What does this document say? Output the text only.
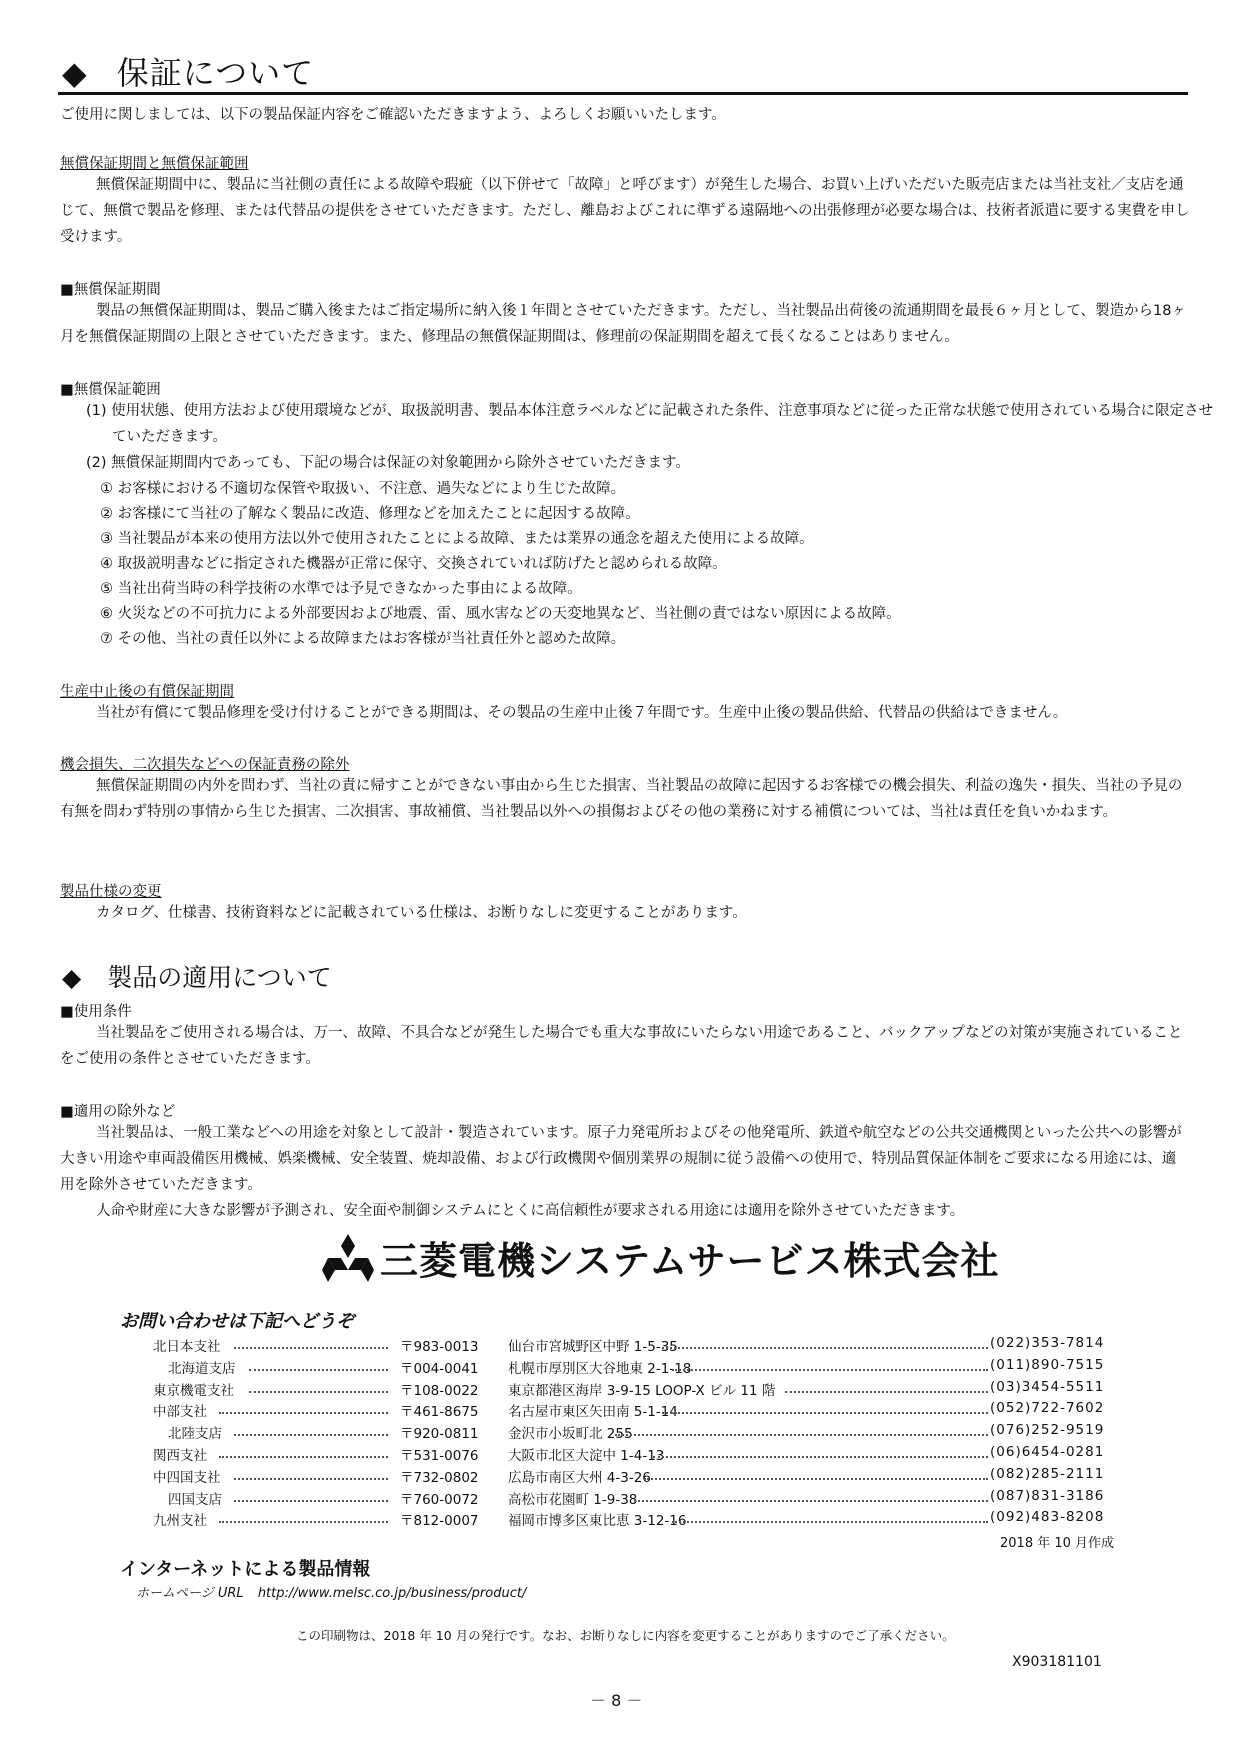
◆ 保証について
ご使用に関しましては、以下の製品保証内容をご確認いただきますよう、よろしくお願いいたします。
無償保証期間と無償保証範囲
無償保証期間中に、製品に当社側の責任による故障や瑕疵（以下併せて「故障」と呼びます）が発生した場合、お買い上げいただいた販売店または当社支社／支店を通じて、無償で製品を修理、または代替品の提供をさせていただきます。ただし、離島およびこれに準ずる遠隔地への出張修理が必要な場合は、技術者派遣に要する実費を申し受けます。
■無償保証期間
製品の無償保証期間は、製品ご購入後またはご指定場所に納入後１年間とさせていただきます。ただし、当社製品出荷後の流通期間を最長６ヶ月として、製造から18ヶ月を無償保証期間の上限とさせていただきます。また、修理品の無償保証期間は、修理前の保証期間を超えて長くなることはありません。
■無償保証範囲
(1) 使用状態、使用方法および使用環境などが、取扱説明書、製品本体注意ラベルなどに記載された条件、注意事項などに従った正常な状態で使用されている場合に限定させていただきます。
(2) 無償保証期間内であっても、下記の場合は保証の対象範囲から除外させていただきます。
① お客様における不適切な保管や取扱い、不注意、過失などにより生じた故障。
② お客様にて当社の了解なく製品に改造、修理などを加えたことに起因する故障。
③ 当社製品が本来の使用方法以外で使用されたことによる故障、または業界の通念を超えた使用による故障。
④ 取扱説明書などに指定された機器が正常に保守、交換されていれば防げたと認められる故障。
⑤ 当社出荷当時の科学技術の水準では予見できなかった事由による故障。
⑥ 火災などの不可抗力による外部要因および地震、雷、風水害などの天変地異など、当社側の責ではない原因による故障。
⑦ その他、当社の責任以外による故障またはお客様が当社責任外と認めた故障。
生産中止後の有償保証期間
当社が有償にて製品修理を受け付けることができる期間は、その製品の生産中止後７年間です。生産中止後の製品供給、代替品の供給はできません。
機会損失、二次損失などへの保証責務の除外
無償保証期間の内外を問わず、当社の責に帰すことができない事由から生じた損害、当社製品の故障に起因するお客様での機会損失、利益の逸失・損失、当社の予見の有無を問わず特別の事情から生じた損害、二次損害、事故補償、当社製品以外への損傷およびその他の業務に対する補償については、当社は責任を負いかねます。
製品仕様の変更
カタログ、仕様書、技術資料などに記載されている仕様は、お断りなしに変更することがあります。
◆ 製品の適用について
■使用条件
当社製品をご使用される場合は、万一、故障、不具合などが発生した場合でも重大な事故にいたらない用途であること、バックアップなどの対策が実施されていることをご使用の条件とさせていただきます。
■適用の除外など
当社製品は、一般工業などへの用途を対象として設計・製造されています。原子力発電所およびその他発電所、鉄道や航空などの公共交通機関といった公共への影響が大きい用途や車両設備医用機械、娯楽機械、安全装置、焼却設備、および行政機関や個別業界の規制に従う設備への使用で、特別品質保証体制をご要求になる用途には、適用を除外させていただきます。
人命や財産に大きな影響が予測され、安全面や制御システムにとくに高信頼性が要求される用途には適用を除外させていただきます。
三菱電機システムサービス株式会社
お問い合わせは下記へどうぞ
北日本支社	〒983-0013 仙台市宮城野区中野 1-5-35	(022)353-7814
北海道支店	〒004-0041 札幌市厚別区大谷地東 2-1-18	(011)890-7515
東京機電支社	〒108-0022 東京都港区海岸 3-9-15 LOOP-X ビル 11 階	(03)3454-5511
中部支社	〒461-8675 名古屋市東区矢田南 5-1-14	(052)722-7602
北陸支店	〒920-0811 金沢市小坂町北 255	(076)252-9519
関西支社	〒531-0076 大阪市北区大淀中 1-4-13	(06)6454-0281
中四国支社	〒732-0802 広島市南区大州 4-3-26	(082)285-2111
四国支店	〒760-0072 高松市花園町 1-9-38	(087)831-3186
九州支社	〒812-0007 福岡市博多区東比恵 3-12-16	(092)483-8208
2018 年 10 月作成
インターネットによる製品情報
ホームページ URL http://www.melsc.co.jp/business/product/
この印刷物は、2018 年 10 月の発行です。なお、お断りなしに内容を変更することがありますのでご了承ください。
X903181101
－ 8 －
